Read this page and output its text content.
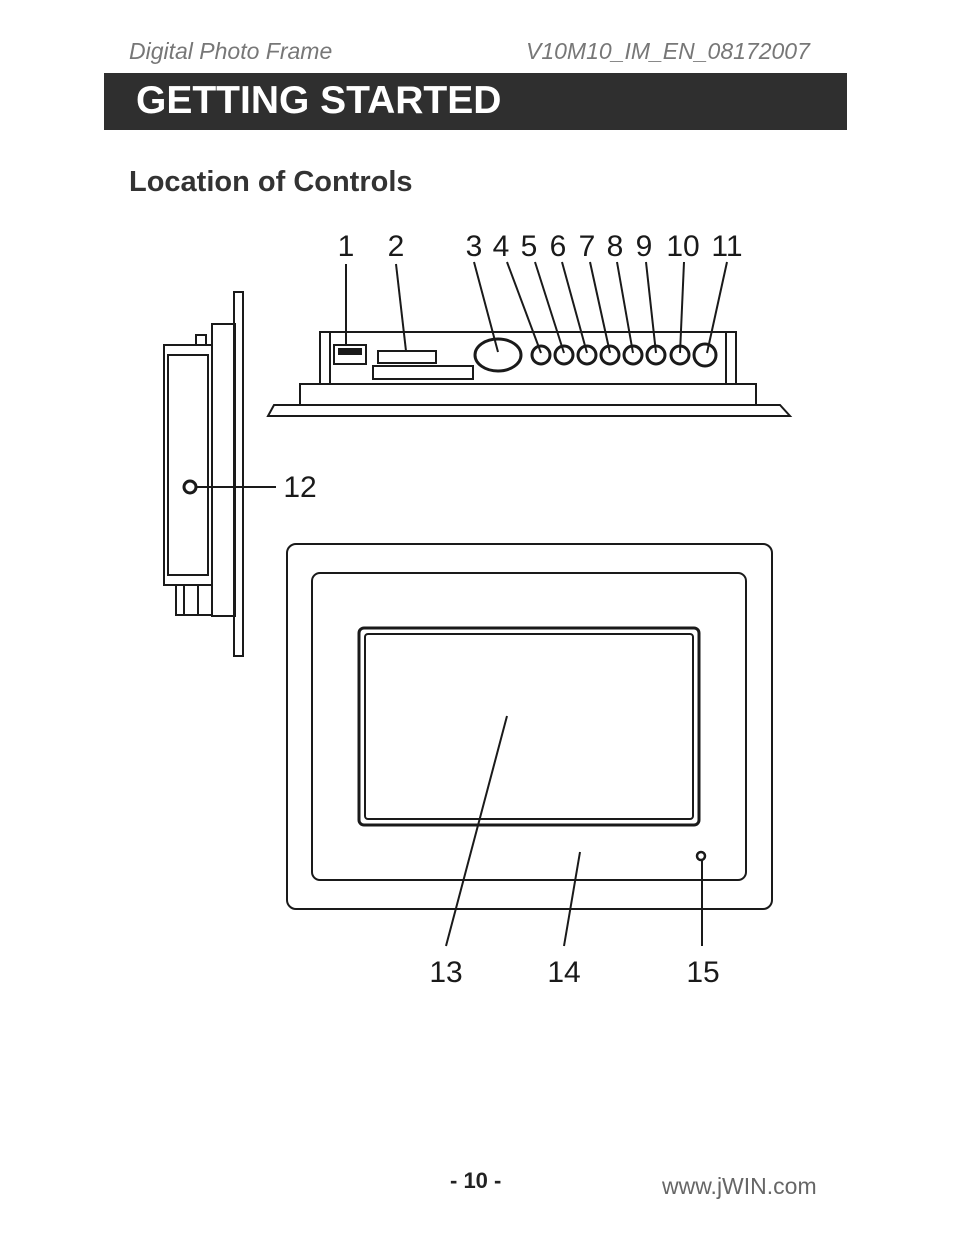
Digital Photo Frame	V10M10_IM_EN_08172007
GETTING STARTED
Location of Controls
1 2 3 4 5 6 7 8 9 10 11
12
13	14	15
- 10 -	www.jWIN.com
